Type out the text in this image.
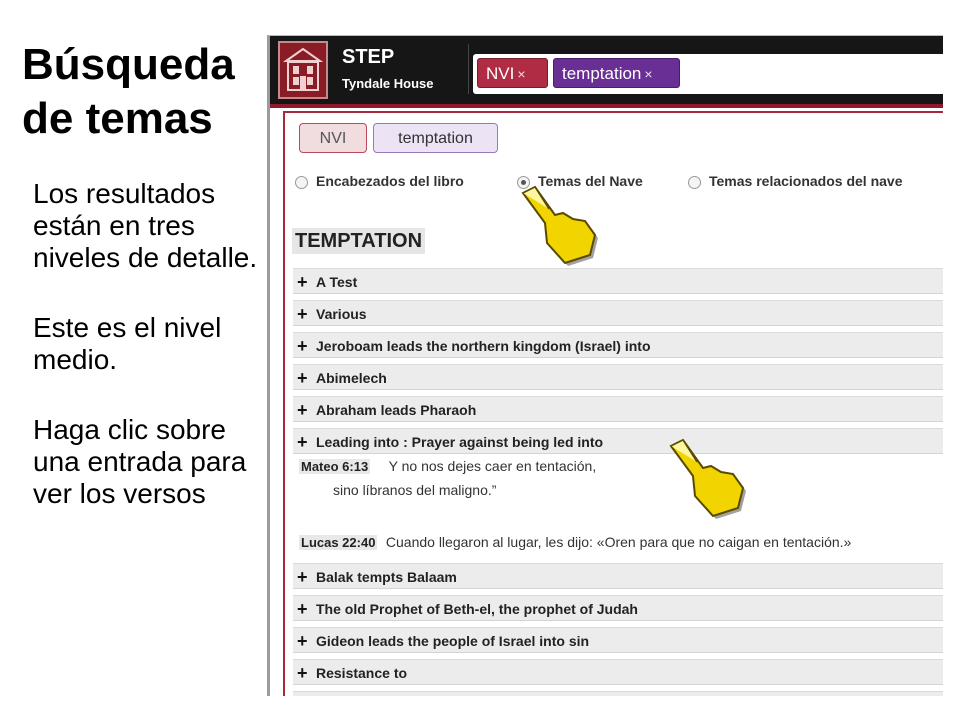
Búsqueda de temas

Los resultados están en tres niveles de detalle.

Este es el nivel medio.

Haga clic sobre una entrada para ver los versos

STEP
Tyndale House
NVI ×	temptation ×
NVI	temptation
Encabezados del libro	Temas del Nave	Temas relacionados del nave
TEMPTATION
+ A Test
+ Various
+ Jeroboam leads the northern kingdom (Israel) into
+ Abimelech
+ Abraham leads Pharaoh
+ Leading into : Prayer against being led into
Mateo 6:13 Y no nos dejes caer en tentación,
sino líbranos del maligno.”
Lucas 22:40 Cuando llegaron al lugar, les dijo: «Oren para que no caigan en tentación.»
+ Balak tempts Balaam
+ The old Prophet of Beth-el, the prophet of Judah
+ Gideon leads the people of Israel into sin
+ Resistance to
